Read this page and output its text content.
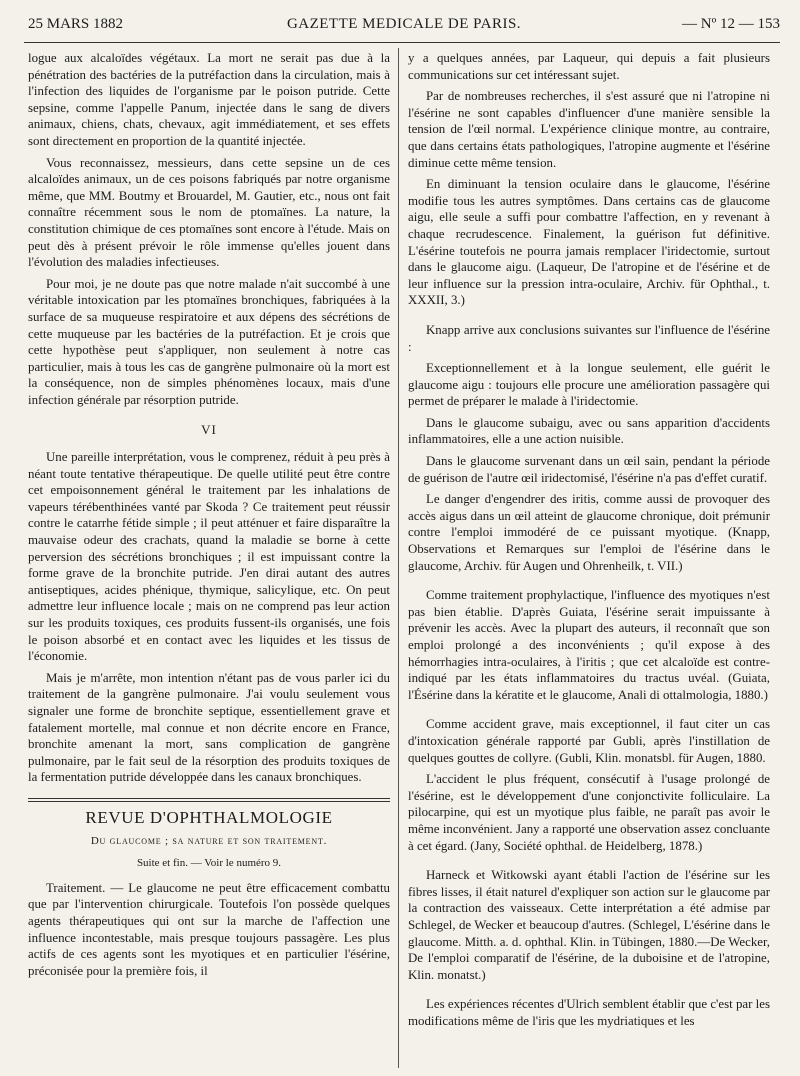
25 MARS 1882	GAZETTE MEDICALE DE PARIS.	— Nº 12 — 153

logue aux alcaloïdes végétaux. La mort ne serait pas due à la pénétration des bactéries de la putréfaction dans la circulation, mais à l'infection des liquides de l'organisme par le poison putride. Cette sepsine, comme l'appelle Panum, injectée dans le sang de divers animaux, chiens, chats, chevaux, agit immédiatement, et ses effets sont directement en proportion de la quantité injectée.

Vous reconnaissez, messieurs, dans cette sepsine un de ces alcaloïdes animaux, un de ces poisons fabriqués par notre organisme même, que MM. Boutmy et Brouardel, M. Gautier, etc., nous ont fait connaître récemment sous le nom de ptomaïnes. La nature, la constitution chimique de ces ptomaïnes sont encore à l'étude. Mais on peut dès à présent prévoir le rôle immense qu'elles jouent dans l'évolution des maladies infectieuses.

Pour moi, je ne doute pas que notre malade n'ait succombé à une véritable intoxication par les ptomaïnes bronchiques, fabriquées à la surface de sa muqueuse respiratoire et aux dépens des sécrétions de cette muqueuse par les bactéries de la putréfaction. Et je crois que cette hypothèse peut s'appliquer, non seulement à notre cas particulier, mais à tous les cas de gangrène pulmonaire où la mort est la conséquence, non de simples phénomènes locaux, mais d'une infection générale par résorption putride.

VI

Une pareille interprétation, vous le comprenez, réduit à peu près à néant toute tentative thérapeutique. De quelle utilité peut être contre cet empoisonnement général le traitement par les inhalations de vapeurs térébenthinées vanté par Skoda ? Ce traitement peut réussir contre le catarrhe fétide simple ; il peut atténuer et faire disparaître la mauvaise odeur des crachats, quand la maladie se borne à cette perversion des sécrétions bronchiques ; il est impuissant contre la forme grave de la bronchite putride. J'en dirai autant des autres antiseptiques, acides phénique, thymique, salicylique, etc. On peut admettre leur influence locale ; mais on ne comprend pas leur action sur les produits toxiques, ces produits fussent-ils organisés, une fois le poison absorbé et en contact avec les liquides et les tissus de l'économie.

Mais je m'arrête, mon intention n'étant pas de vous parler ici du traitement de la gangrène pulmonaire. J'ai voulu seulement vous signaler une forme de bronchite septique, essentiellement grave et fatalement mortelle, mal connue et non décrite encore en France, bronchite amenant la mort, sans complication de gangrène pulmonaire, par le fait seul de la résorption des produits toxiques de la fermentation putride développée dans les canaux bronchiques.

REVUE D'OPHTHALMOLOGIE
Du glaucome ; sa nature et son traitement.
Suite et fin. — Voir le numéro 9.

Traitement. — Le glaucome ne peut être efficacement combattu que par l'intervention chirurgicale. Toutefois l'on possède quelques agents thérapeutiques qui ont sur la marche de l'affection une influence incontestable, mais presque toujours passagère. Les plus actifs de ces agents sont les myotiques et en particulier l'ésérine, préconisée pour la première fois, il

y a quelques années, par Laqueur, qui depuis a fait plusieurs communications sur cet intéressant sujet.

Par de nombreuses recherches, il s'est assuré que ni l'atropine ni l'ésérine ne sont capables d'influencer d'une manière sensible la tension de l'œil normal. L'expérience clinique montre, au contraire, que dans certains états pathologiques, l'atropine augmente et l'ésérine diminue cette même tension.

En diminuant la tension oculaire dans le glaucome, l'ésérine modifie tous les autres symptômes. Dans certains cas de glaucome aigu, elle seule a suffi pour combattre l'affection, en y revenant à chaque recrudescence. Finalement, la guérison fut définitive. L'ésérine toutefois ne pourra jamais remplacer l'iridectomie, surtout dans le glaucome aigu. (Laqueur, De l'atropine et de l'ésérine et de leur influence sur la pression intra-oculaire, Archiv. für Ophthal., t. XXXII, 3.)

Knapp arrive aux conclusions suivantes sur l'influence de l'ésérine :

Exceptionnellement et à la longue seulement, elle guérit le glaucome aigu : toujours elle procure une amélioration passagère qui permet de préparer le malade à l'iridectomie.

Dans le glaucome subaigu, avec ou sans apparition d'accidents inflammatoires, elle a une action nuisible.

Dans le glaucome survenant dans un œil sain, pendant la période de guérison de l'autre œil iridectomisé, l'ésérine n'a pas d'effet curatif.

Le danger d'engendrer des iritis, comme aussi de provoquer des accès aigus dans un œil atteint de glaucome chronique, doit prémunir contre l'emploi immodéré de ce puissant myotique. (Knapp, Observations et Remarques sur l'emploi de l'ésérine dans le glaucome, Archiv. für Augen und Ohrenheilk, t. VII.)

Comme traitement prophylactique, l'influence des myotiques n'est pas bien établie. D'après Guiata, l'ésérine serait impuissante à prévenir les accès. Avec la plupart des auteurs, il reconnaît que son emploi prolongé a des inconvénients ; qu'il expose à des hémorrhagies intra-oculaires, à l'iritis ; que cet alcaloïde est contre-indiqué par les états inflammatoires du tractus uvéal. (Guiata, l'Ésérine dans la kératite et le glaucome, Anali di ottalmologia, 1880.)

Comme accident grave, mais exceptionnel, il faut citer un cas d'intoxication générale rapporté par Gubli, après l'instillation de quelques gouttes de collyre. (Gubli, Klin. monatsbl. für Augen, 1880.

L'accident le plus fréquent, consécutif à l'usage prolongé de l'ésérine, est le développement d'une conjonctivite folliculaire. La pilocarpine, qui est un myotique plus faible, ne paraît pas avoir le même inconvénient. Jany a rapporté une observation assez concluante à cet égard. (Jany, Société ophthal. de Heidelberg, 1878.)

Harneck et Witkowski ayant établi l'action de l'ésérine sur les fibres lisses, il était naturel d'expliquer son action sur le glaucome par la contraction des vaisseaux. Cette interprétation a été admise par Schlegel, de Wecker et beaucoup d'autres. (Schlegel, L'ésérine dans le glaucome. Mitth. a. d. ophthal. Klin. in Tübingen, 1880.—De Wecker, De l'emploi comparatif de l'ésérine, de la duboisine et de l'atropine, Klin. monatst.)

Les expériences récentes d'Ulrich semblent établir que c'est par les modifications même de l'iris que les mydriatiques et les
